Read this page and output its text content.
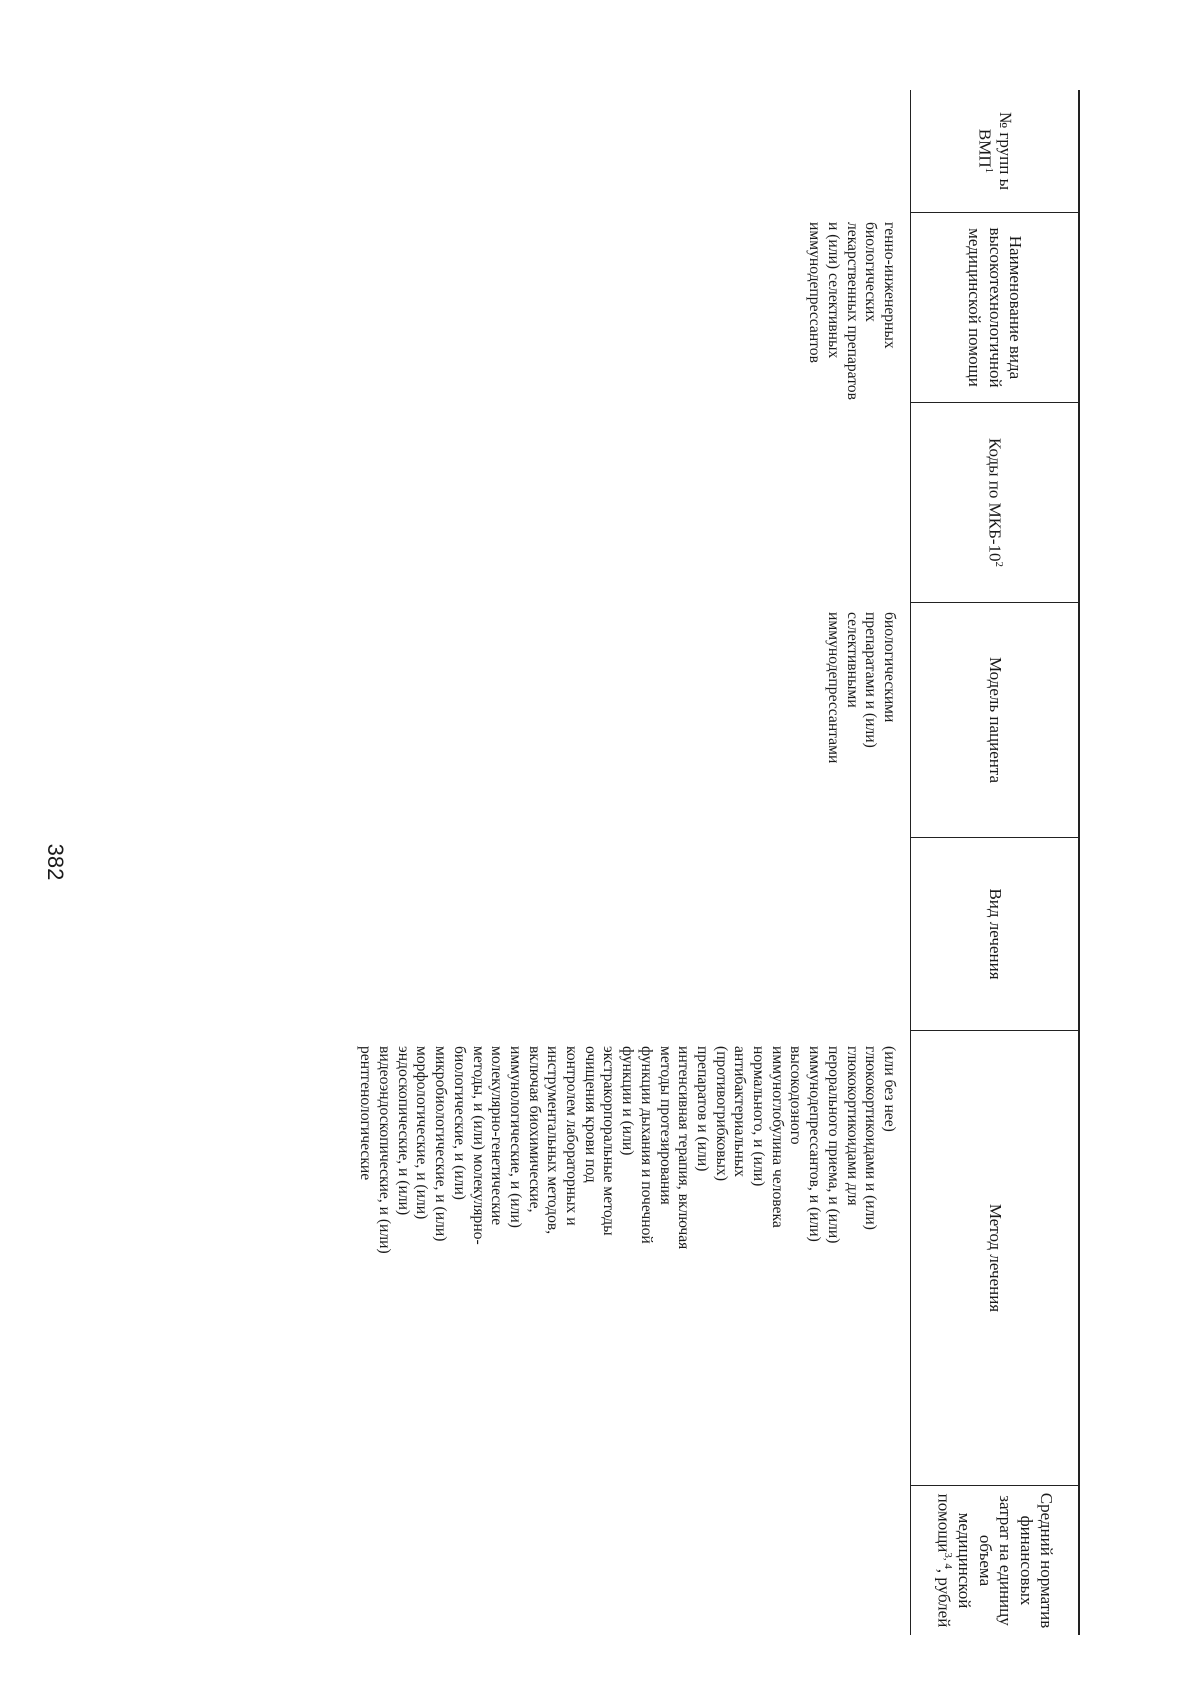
382
№ групп ы ВМП$^1$
Наименование вида высокотехнологичной медицинской помощи
Коды по МКБ-$10^2$
Модель пациента
Вид лечения
Метод лечения
Средний норматив финансовых затрат на единицу объема медицинской помощи$^{3, 4}$, рублей
генно-инженерных
биологических
лекарственных препаратов
и (или) селективных
иммунодепрессантов
биологическими
препаратами и (или)
селективными
иммунодепрессантами
(или без нее)
глюкокортикоидами и (или)
глюкокортикоидами для
перорального приема, и (или)
иммунодепрессантов, и (или)
высокодозного
иммуноглобулина человека
нормального, и (или)
антибактериальных
(противогрибковых)
препаратов и (или)
интенсивная терапия, включая
методы протезирования
функции дыхания и почечной
функции и (или)
экстракорпоральные методы
очищения крови под
контролем лабораторных и
инструментальных методов,
включая биохимические,
иммунологические, и (или)
молекулярно-генетические
методы, и (или) молекулярно-
биологические, и (или)
микробиологические, и (или)
морфологические, и (или)
эндоскопические, и (или)
видеоэндоскопические, и (или)
рентгенологические
